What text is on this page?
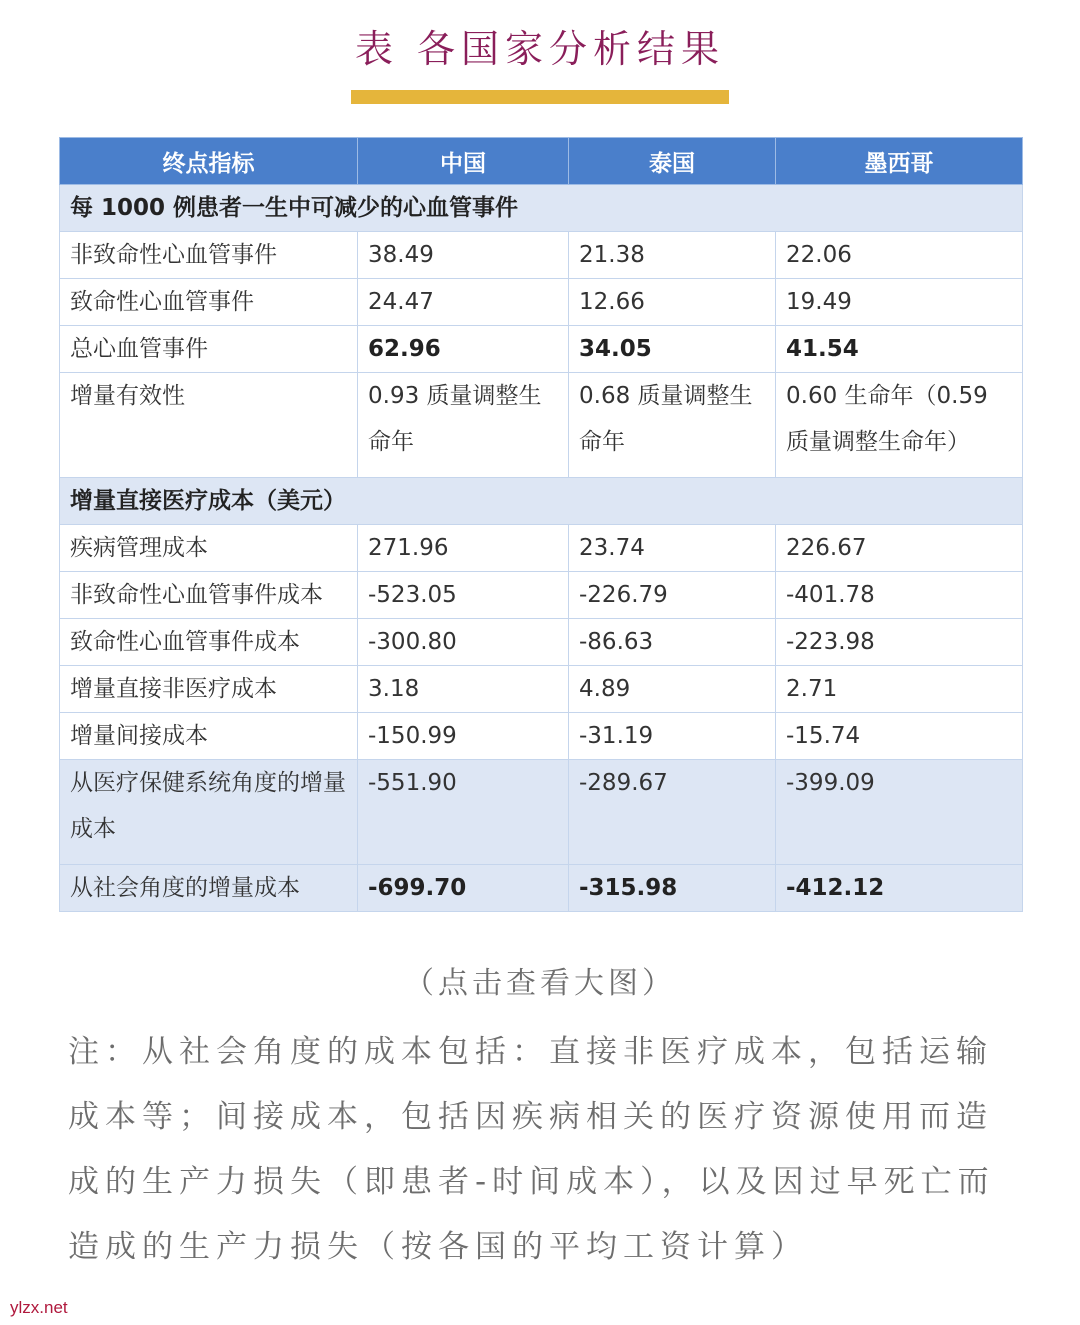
表 各国家分析结果
终点指标	中国	泰国	墨西哥
每 1000 例患者一生中可减少的心血管事件			
非致命性心血管事件	38.49	21.38	22.06
致命性心血管事件	24.47	12.66	19.49
总心血管事件	62.96	34.05	41.54
增量有效性	0.93 质量调整生命年	0.68 质量调整生命年	0.60 生命年（0.59 质量调整生命年）
增量直接医疗成本（美元）			
疾病管理成本	271.96	23.74	226.67
非致命性心血管事件成本	-523.05	-226.79	-401.78
致命性心血管事件成本	-300.80	-86.63	-223.98
增量直接非医疗成本	3.18	4.89	2.71
增量间接成本	-150.99	-31.19	-15.74
从医疗保健系统角度的增量成本	-551.90	-289.67	-399.09
从社会角度的增量成本	-699.70	-315.98	-412.12
（点击查看大图）
注：从社会角度的成本包括：直接非医疗成本，包括运输成本等；间接成本，包括因疾病相关的医疗资源使用而造成的生产力损失（即患者-时间成本），以及因过早死亡而造成的生产力损失（按各国的平均工资计算）
ylzx.net
